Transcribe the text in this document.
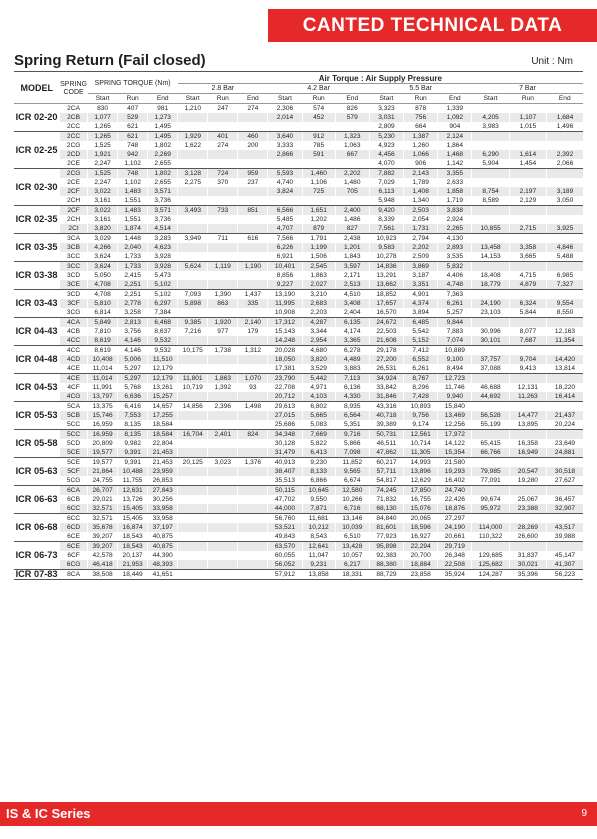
CANTED TECHNICAL DATA
Spring Return (Fail closed)	Unit : Nm
MODEL	SPRING CODE	SPRING TORQUE (Nm)			Air Torque : Air Supply Pressure											
					2.8 Bar			4.2 Bar			5.5 Bar			7 Bar		
		Start	Run	End	Start	Run	End	Start	Run	End	Start	Run	End	Start	Run	End
ICR 02-20	2CA	830	407	981	1,210	247	274	2,306	574	826	3,323	878	1,339			
	2CB	1,077	529	1,273				2,014	452	579	3,031	756	1,092	4,205	1,107	1,684
	2CC	1,265	621	1,495							2,809	664	904	3,983	1,015	1,496
ICR 02-25	2CC	1,265	621	1,495	1,929	401	460	3,640	912	1,323	5,230	1,387	2,124			
	2CG	1,525	748	1,802	1,622	274	200	3,333	785	1,063	4,923	1,260	1,864			
	2CD	1,921	942	2,269				2,866	591	667	4,456	1,066	1,468	6,290	1,614	2,392
	2CE	2,247	1,102	2,655							4,070	906	1,142	5,904	1,454	2,066
ICR 02-30	2CG	1,525	748	1,802	3,128	724	959	5,593	1,460	2,202	7,882	2,143	3,355			
	2CE	2,247	1,102	2,655	2,275	370	237	4,740	1,106	1,480	7,029	1,789	2,633			
	2CF	3,022	1,483	3,571				3,824	725	705	6,113	1,408	1,858	8,754	2,197	3,189
	2CH	3,161	1,551	3,736							5,948	1,340	1,719	8,589	2,129	3,050
ICR 02-35	2CF	3,022	1,483	3,571	3,493	733	851	6,566	1,651	2,400	9,420	2,503	3,838			
	2CH	3,161	1,551	3,736				5,485	1,202	1,486	8,339	2,054	2,924			
	2CI	3,820	1,874	4,514				4,707	879	827	7,561	1,731	2,265	10,855	2,715	3,925
ICR 03-35	3CA	3,029	1,448	3,283	3,949	711	616	7,566	1,791	2,438	10,923	2,794	4,130			
	3CB	4,266	2,040	4,623				6,226	1,199	1,201	9,583	2,202	2,893	13,458	3,358	4,846
	3CC	3,624	1,733	3,928				6,921	1,506	1,843	10,278	2,509	3,535	14,153	3,665	5,488
ICR 03-38	3CC	3,624	1,733	3,928	5,624	1,119	1,190	10,401	2,545	3,597	14,836	3,869	5,832			
	3CD	5,050	2,415	5,473				8,856	1,863	2,171	13,291	3,187	4,406	18,408	4,715	6,985
	3CE	4,708	2,251	5,102				9,227	2,027	2,513	13,662	3,351	4,748	18,779	4,879	7,327
ICR 03-43	3CD	4,708	2,251	5,102	7,093	1,390	1,437	13,190	3,210	4,510	18,852	4,901	7,363			
	3CF	5,810	2,778	6,297	5,898	863	335	11,995	2,683	3,408	17,657	4,374	6,261	24,190	6,324	9,554
	3CG	6,814	3,258	7,384				10,908	2,203	2,404	16,570	3,894	5,257	23,103	5,844	8,550
ICR 04-43	4CA	5,849	2,813	6,468	9,385	1,920	2,140	17,312	4,287	6,135	24,672	6,485	9,844			
	4CB	7,810	3,756	8,637	7,216	977	179	15,143	3,344	4,174	22,503	5,542	7,883	30,996	8,077	12,163
	4CC	8,619	4,146	9,532				14,248	2,954	3,365	21,608	5,152	7,074	30,101	7,687	11,354
ICR 04-48	4CC	8,619	4,146	9,532	10,175	1,738	1,312	20,028	4,680	6,278	29,178	7,412	10,889			
	4CD	10,408	5,006	11,510				18,050	3,820	4,489	27,200	6,552	9,100	37,757	9,704	14,420
	4CE	11,014	5,297	12,179				17,381	3,529	3,883	26,531	6,261	8,494	37,088	9,413	13,814
ICR 04-53	4CE	11,014	5,297	12,179	11,801	1,863	1,070	23,790	5,442	7,113	34,924	8,767	12,723			
	4CF	11,991	5,768	13,261	10,719	1,392	93	22,708	4,971	6,136	33,842	8,296	11,746	46,688	12,131	18,220
	4CG	13,797	6,636	15,257				20,712	4,103	4,330	31,846	7,428	9,940	44,692	11,263	16,414
ICR 05-53	5CA	13,375	6,416	14,657	14,856	2,396	1,498	29,613	6,802	8,935	43,316	10,893	15,840			
	5CB	15,746	7,553	17,255				27,015	5,665	6,564	40,718	9,756	13,469	56,528	14,477	21,437
	5CC	16,959	8,135	18,584				25,686	5,083	5,351	39,389	9,174	12,256	55,199	13,895	20,224
ICR 05-58	5CC	16,959	8,135	18,584	16,704	2,401	824	34,348	7,669	9,716	50,731	12,561	17,972			
	5CD	20,809	9,982	22,804				30,128	5,822	5,866	46,511	10,714	14,122	65,415	16,358	23,649
	5CE	19,577	9,391	21,453				31,479	6,413	7,098	47,862	11,305	15,354	66,766	16,949	24,881
ICR 05-63	5CE	19,577	9,391	21,453	20,125	3,023	1,376	40,913	9,230	11,852	60,217	14,993	21,580			
	5CF	21,864	10,488	23,959				38,407	8,133	9,565	57,711	13,896	19,293	79,985	20,547	30,518
	5CG	24,755	11,755	26,853				35,513	6,866	6,674	54,817	12,629	16,402	77,091	19,280	27,627
ICR 06-63	6CA	26,707	12,631	27,843				50,115	10,645	12,580	74,245	17,850	24,740			
	6CB	29,021	13,726	30,256				47,702	9,550	10,266	71,832	16,755	22,426	99,674	25,067	36,457
	6CC	32,571	15,405	33,958				44,000	7,871	6,716	68,130	15,076	18,876	95,972	23,388	32,907
ICR 06-68	6CC	32,571	15,405	33,958				56,760	11,681	13,146	84,840	20,065	27,297			
	6CD	35,678	16,874	37,197				53,521	10,212	10,039	81,601	18,596	24,190	114,000	28,269	43,517
	6CE	39,207	18,543	40,875				49,843	8,543	6,510	77,923	16,927	20,661	110,322	26,600	39,988
ICR 06-73	6CE	39,207	18,543	40,875				63,570	12,641	13,428	95,898	22,294	29,719			
	6CF	42,578	20,137	44,390				60,055	11,047	10,057	92,383	20,700	26,348	129,685	31,837	45,147
	6CG	46,418	21,953	48,393				56,052	9,231	6,217	88,380	18,884	22,508	125,682	30,021	41,307
ICR 07-83	8CA	38,508	18,449	41,651				57,912	13,858	18,331	88,729	23,858	35,924	124,287	35,396	56,223
IS & IC Series	9
